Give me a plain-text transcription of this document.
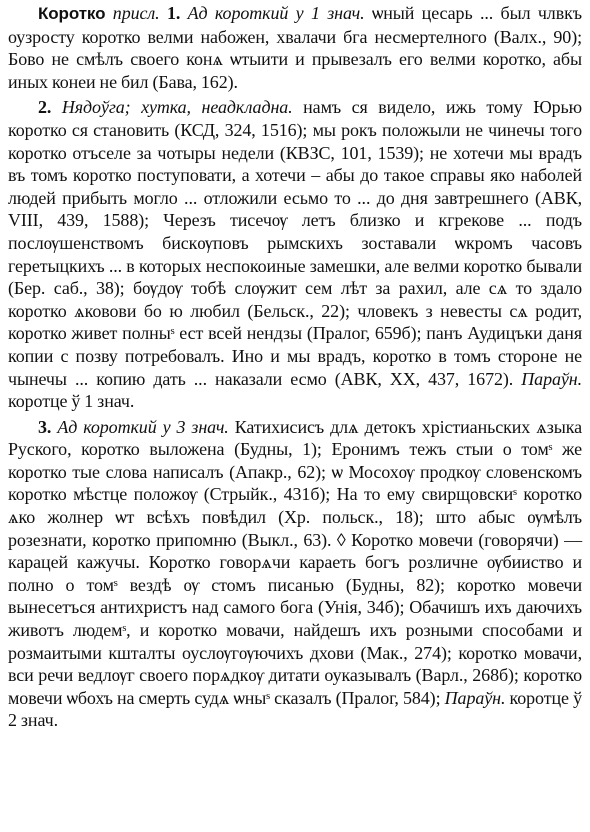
Коротко присл. 1. Ад короткий у 1 знач. ѡный цесарь ... был члвкъ оузросту коротко велми набожен, хвалачи бга несмертелного (Валх., 90); Бово не смѣлъ своего конѧ ѡтыити и прывезалъ его велми коротко, абы иных конеи не бил (Бава, 162).

2. Нядоўга; хутка, неадкладна. намъ ся видело, ижь тому Юрью коротко ся становить (КСД, 324, 1516); мы рокъ положыли не чинечы того коротко отъселе за чотыры недели (КВЗС, 101, 1539); не хотечи мы врадъ въ томъ коротко поступовати, а хотечи – абы до такое справы яко наболей людей прибыть могло ... отложили есьмо то ... до дня завтрешнего (АВК, VIII, 439, 1588); Черезъ тисечѹ летъ близко и кгрекове ... подъ послѹшенствомъ бискѹповъ рымскихъ зоставали ѡкромъ часовъ геретыцкихъ ... в которых неспокоиные замешки, але велми коротко бывали (Бер. саб., 38); бѹдѹ тобѣ слѹжит сем лѣт за рахил, але сѧ то здало коротко ѧковови бо ю любил (Бельск., 22); чловекъ з невесты сѧ родит, коротко живет полныˢ ест всей нендзы (Пралог, 659б); панъ Аудицъки даня копии с позву потребовалъ. Ино и мы врадъ, коротко в томъ стороне не чынечы ... копию дать ... наказали есмо (АВК, XX, 437, 1672). Параўн. коротце ў 1 знач.

3. Ад короткий у 3 знач. Катихисисъ длѧ детокъ хрістианьских ѧзыка Руского, коротко выложена (Будны, 1); Еронимъ тежъ стыи о томˢ же коротко тые слова написалъ (Апакр., 62); ѡ Мосохѹ продкѹ словенскомъ коротко мѣстце положѹ (Стрыйк., 431б); На то ему свирщовскиˢ коротко ѧко жолнер ѡт всѣхъ повѣдил (Хр. польск., 18); што абыс ѹмѣлъ розезнати, коротко припомню (Выкл., 63). ◊ Коротко мовечи (говорячи) — карацей кажучы. Коротко говорѧчи караеть богъ розличне ѹбииство и полно о томˢ вездѣ ѹ стомъ писанью (Будны, 82); коротко мовечи вынесетъся антихристъ над самого бога (Унія, 34б); Обачишъ ихъ даючихъ животъ людемˢ, и коротко мовачи, найдешъ ихъ розными способами и розмаитыми кшталты оуслѹгѹючихъ дхови (Мак., 274); коротко мовачи, вси речи ведлѹг своего порѧдкѹ дитати оуказывалъ (Варл., 268б); коротко мовечи ѡбохъ на смерть судѧ ѡныˢ сказалъ (Пралог, 584); Параўн. коротце ў 2 знач.
